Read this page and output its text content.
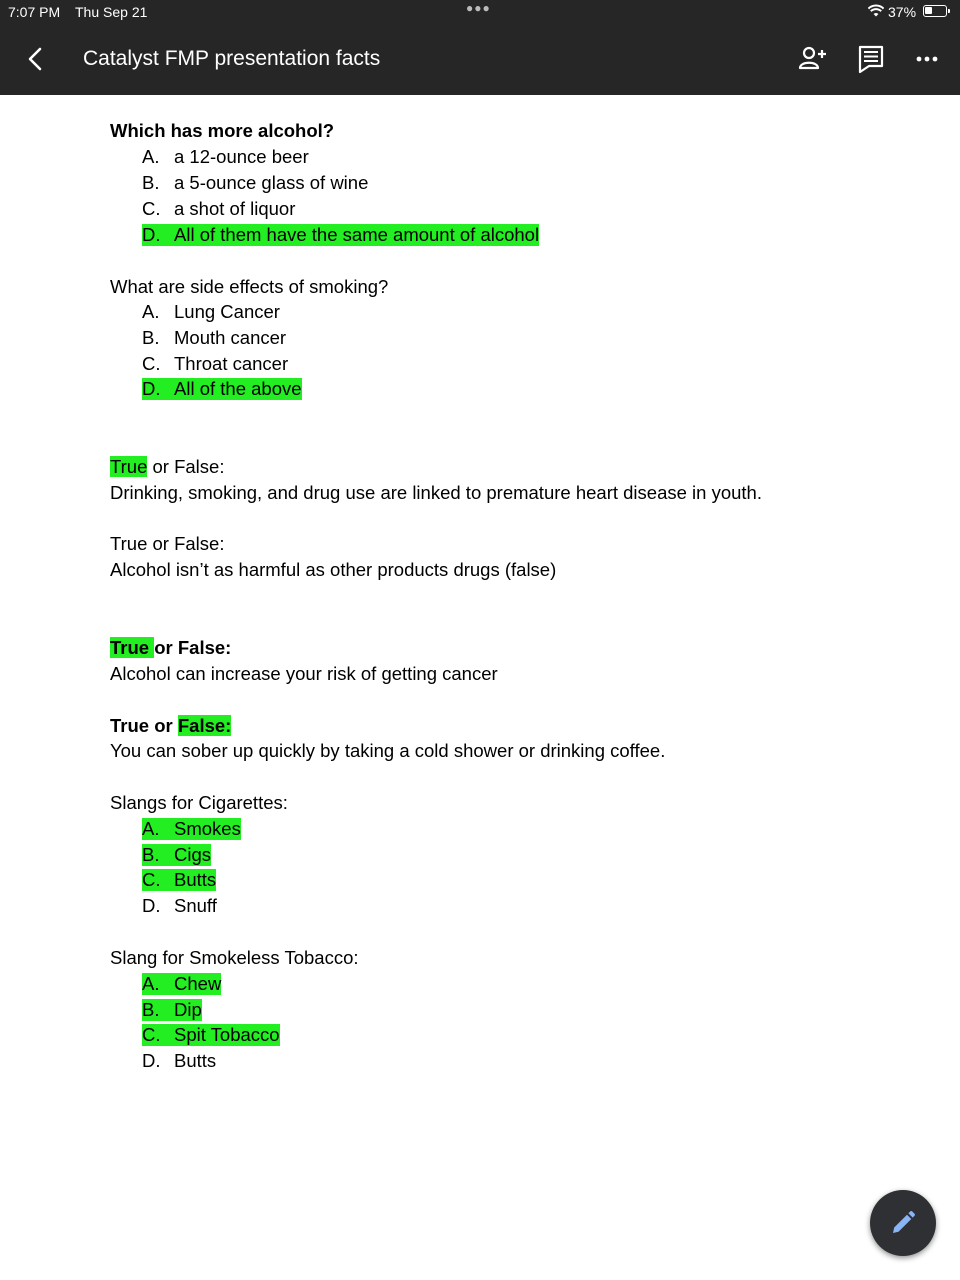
7:07 PM Thu Sep 21	●●●	37%
Catalyst FMP presentation facts
Which has more alcohol?
A. a 12-ounce beer
B. a 5-ounce glass of wine
C. a shot of liquor
D. All of them have the same amount of alcohol
What are side effects of smoking?
A. Lung Cancer
B. Mouth cancer
C. Throat cancer
D. All of the above
True or False:
Drinking, smoking, and drug use are linked to premature heart disease in youth.
True or False:
Alcohol isn’t as harmful as other products drugs (false)
True or False:
Alcohol can increase your risk of getting cancer
True or False:
You can sober up quickly by taking a cold shower or drinking coffee.
Slangs for Cigarettes:
A. Smokes
B. Cigs
C. Butts
D. Snuff
Slang for Smokeless Tobacco:
A. Chew
B. Dip
C. Spit Tobacco
D. Butts
